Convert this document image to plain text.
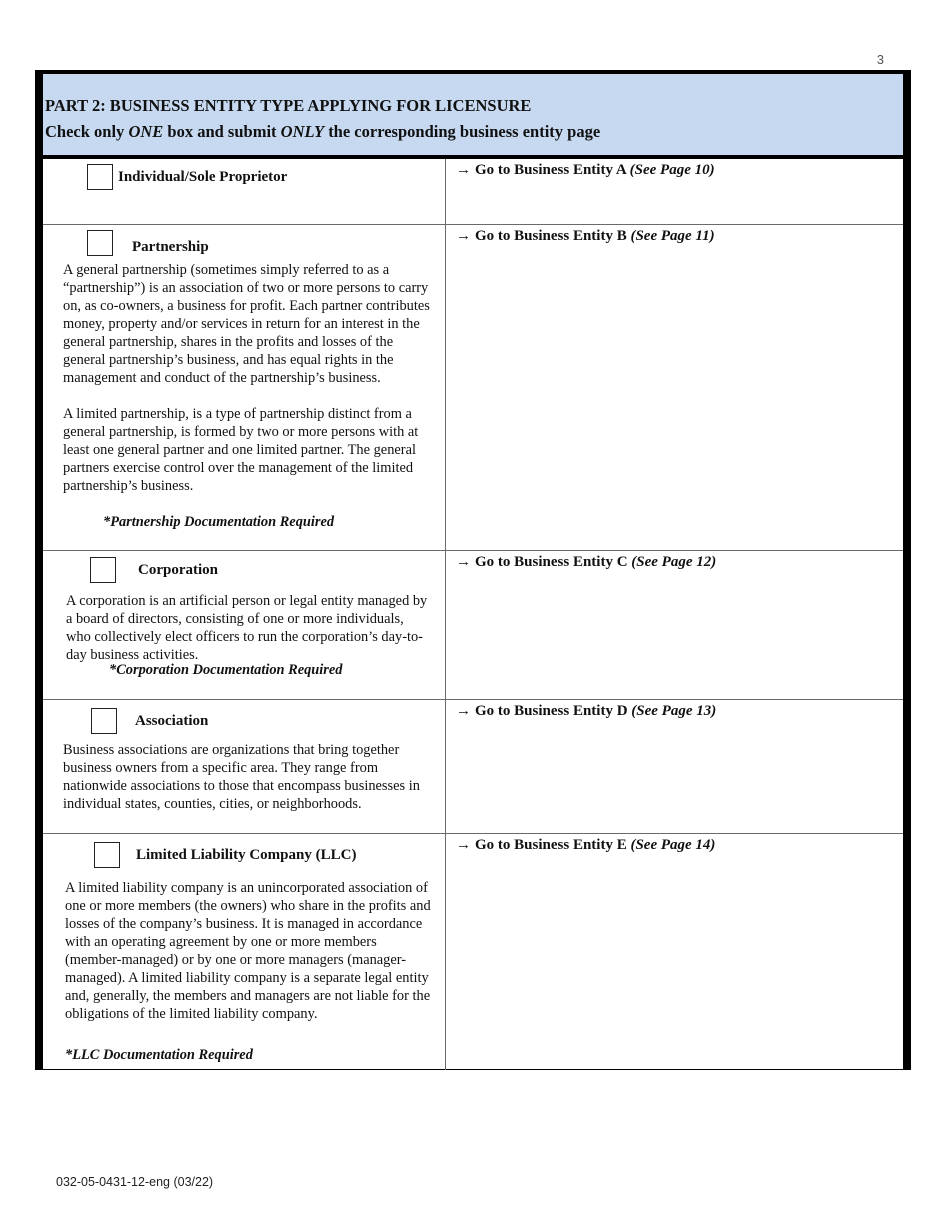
3

PART 2: BUSINESS ENTITY TYPE APPLYING FOR LICENSURE

Check only ONE box and submit ONLY the corresponding business entity page

Individual/Sole Proprietor	→ Go to Business Entity A (See Page 10)
Partnership

A general partnership (sometimes simply referred to as a “partnership”) is an association of two or more persons to carry on, as co-owners, a business for profit. Each partner contributes money, property and/or services in return for an interest in the general partnership, shares in the profits and losses of the general partnership’s business, and has equal rights in the management and conduct of the partnership’s business.

A limited partnership, is a type of partnership distinct from a general partnership, is formed by two or more persons with at least one general partner and one limited partner. The general partners exercise control over the management of the limited partnership’s business.

*Partnership Documentation Required
→ Go to Business Entity B (See Page 11)
Corporation
A corporation is an artificial person or legal entity managed by a board of directors, consisting of one or more individuals, who collectively elect officers to run the corporation’s day-to-day business activities.
*Corporation Documentation Required
→ Go to Business Entity C (See Page 12)
Association
Business associations are organizations that bring together business owners from a specific area. They range from nationwide associations to those that encompass businesses in individual states, counties, cities, or neighborhoods.
→ Go to Business Entity D (See Page 13)
Limited Liability Company (LLC)
A limited liability company is an unincorporated association of one or more members (the owners) who share in the profits and losses of the company’s business. It is managed in accordance with an operating agreement by one or more members (member-managed) or by one or more managers (manager-managed). A limited liability company is a separate legal entity and, generally, the members and managers are not liable for the obligations of the limited liability company.
*LLC Documentation Required
→ Go to Business Entity E (See Page 14)
032-05-0431-12-eng (03/22)
